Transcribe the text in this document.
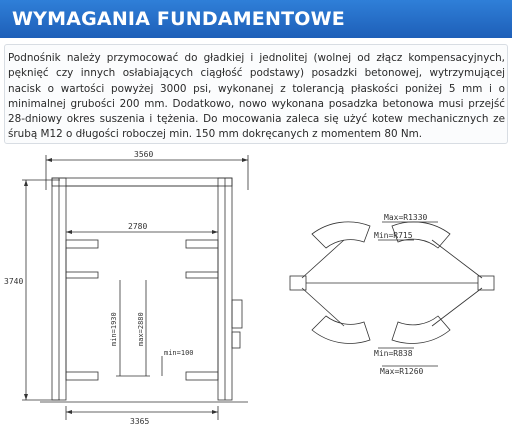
WYMAGANIA FUNDAMENTOWE
Podnośnik należy przymocować do gładkiej i jednolitej (wolnej od złącz kompensacyjnych, pęknięć czy innych osłabiających ciągłość podstawy) posadzki betonowej, wytrzymującej nacisk o wartości powyżej 3000 psi, wykonanej z tolerancją płaskości poniżej 5 mm i o minimalnej grubości 200 mm. Dodatkowo, nowo wykonana posadzka betonowa musi przejść 28-dniowy okres suszenia i tężenia. Do mocowania zaleca się użyć kotew mechanicznych ze śrubą M12 o długości roboczej min. 150 mm dokręcanych z momentem 80 Nm.
3560
2780
3740
min=1930	max=2880
min=100
3365
Max=R1330
Min=R715
Min=R838
Max=R1260
